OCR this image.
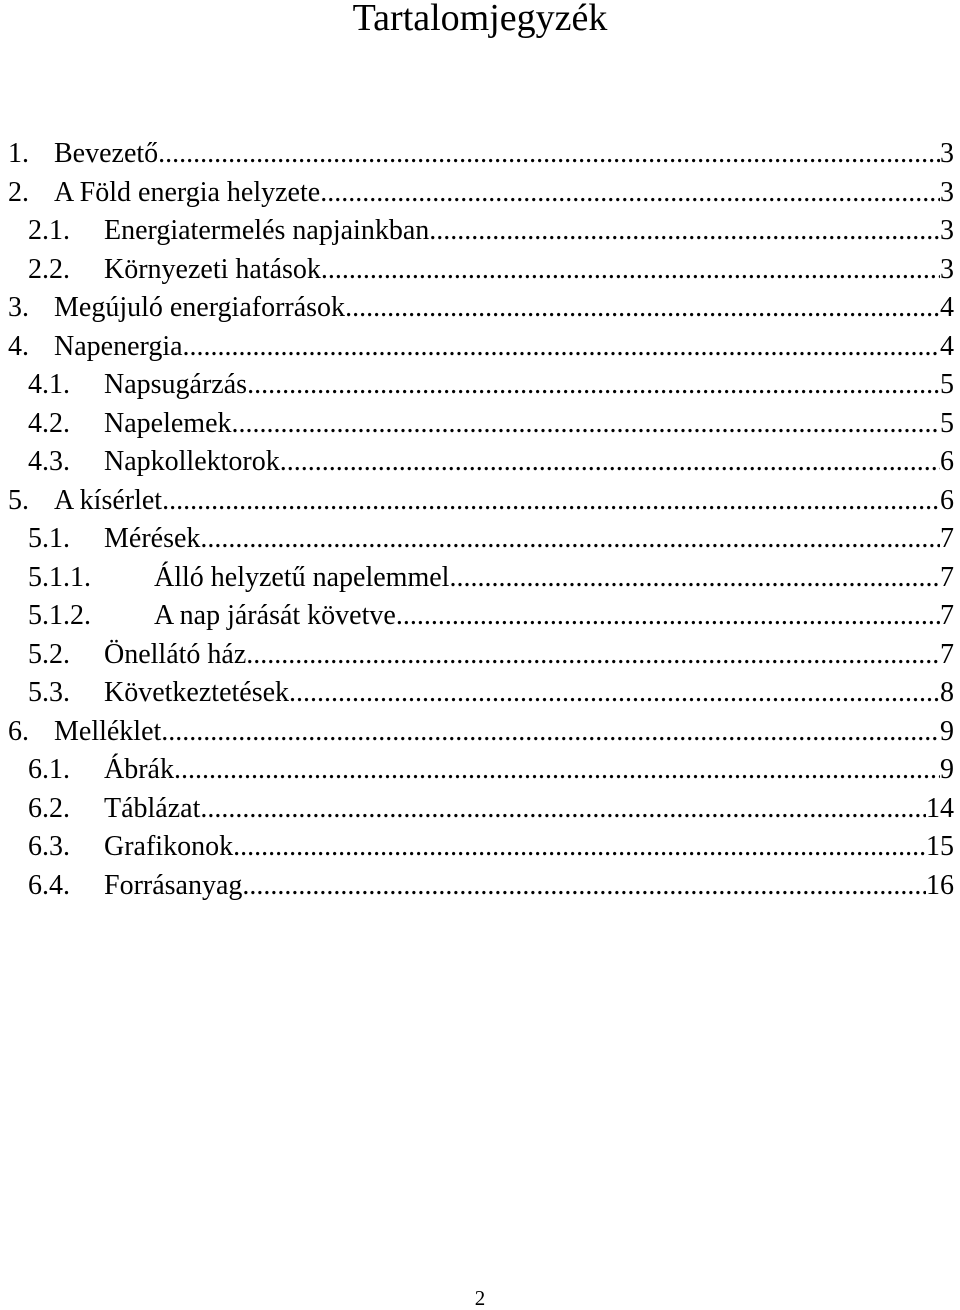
Tartalomjegyzék
1. Bevezető .....	3
2. A Föld energia helyzete .....	3
2.1. Energiatermelés napjainkban .....	3
2.2. Környezeti hatások .....	3
3. Megújuló energiaforrások .....	4
4. Napenergia .....	4
4.1. Napsugárzás .....	5
4.2. Napelemek .....	5
4.3. Napkollektorok .....	6
5. A kísérlet .....	6
5.1. Mérések .....	7
5.1.1. Álló helyzetű napelemmel .....	7
5.1.2. A nap járását követve .....	7
5.2. Önellátó ház .....	7
5.3. Következtetések .....	8
6. Melléklet .....	9
6.1. Ábrák .....	9
6.2. Táblázat .....	14
6.3. Grafikonok .....	15
6.4. Forrásanyag .....	16
2
